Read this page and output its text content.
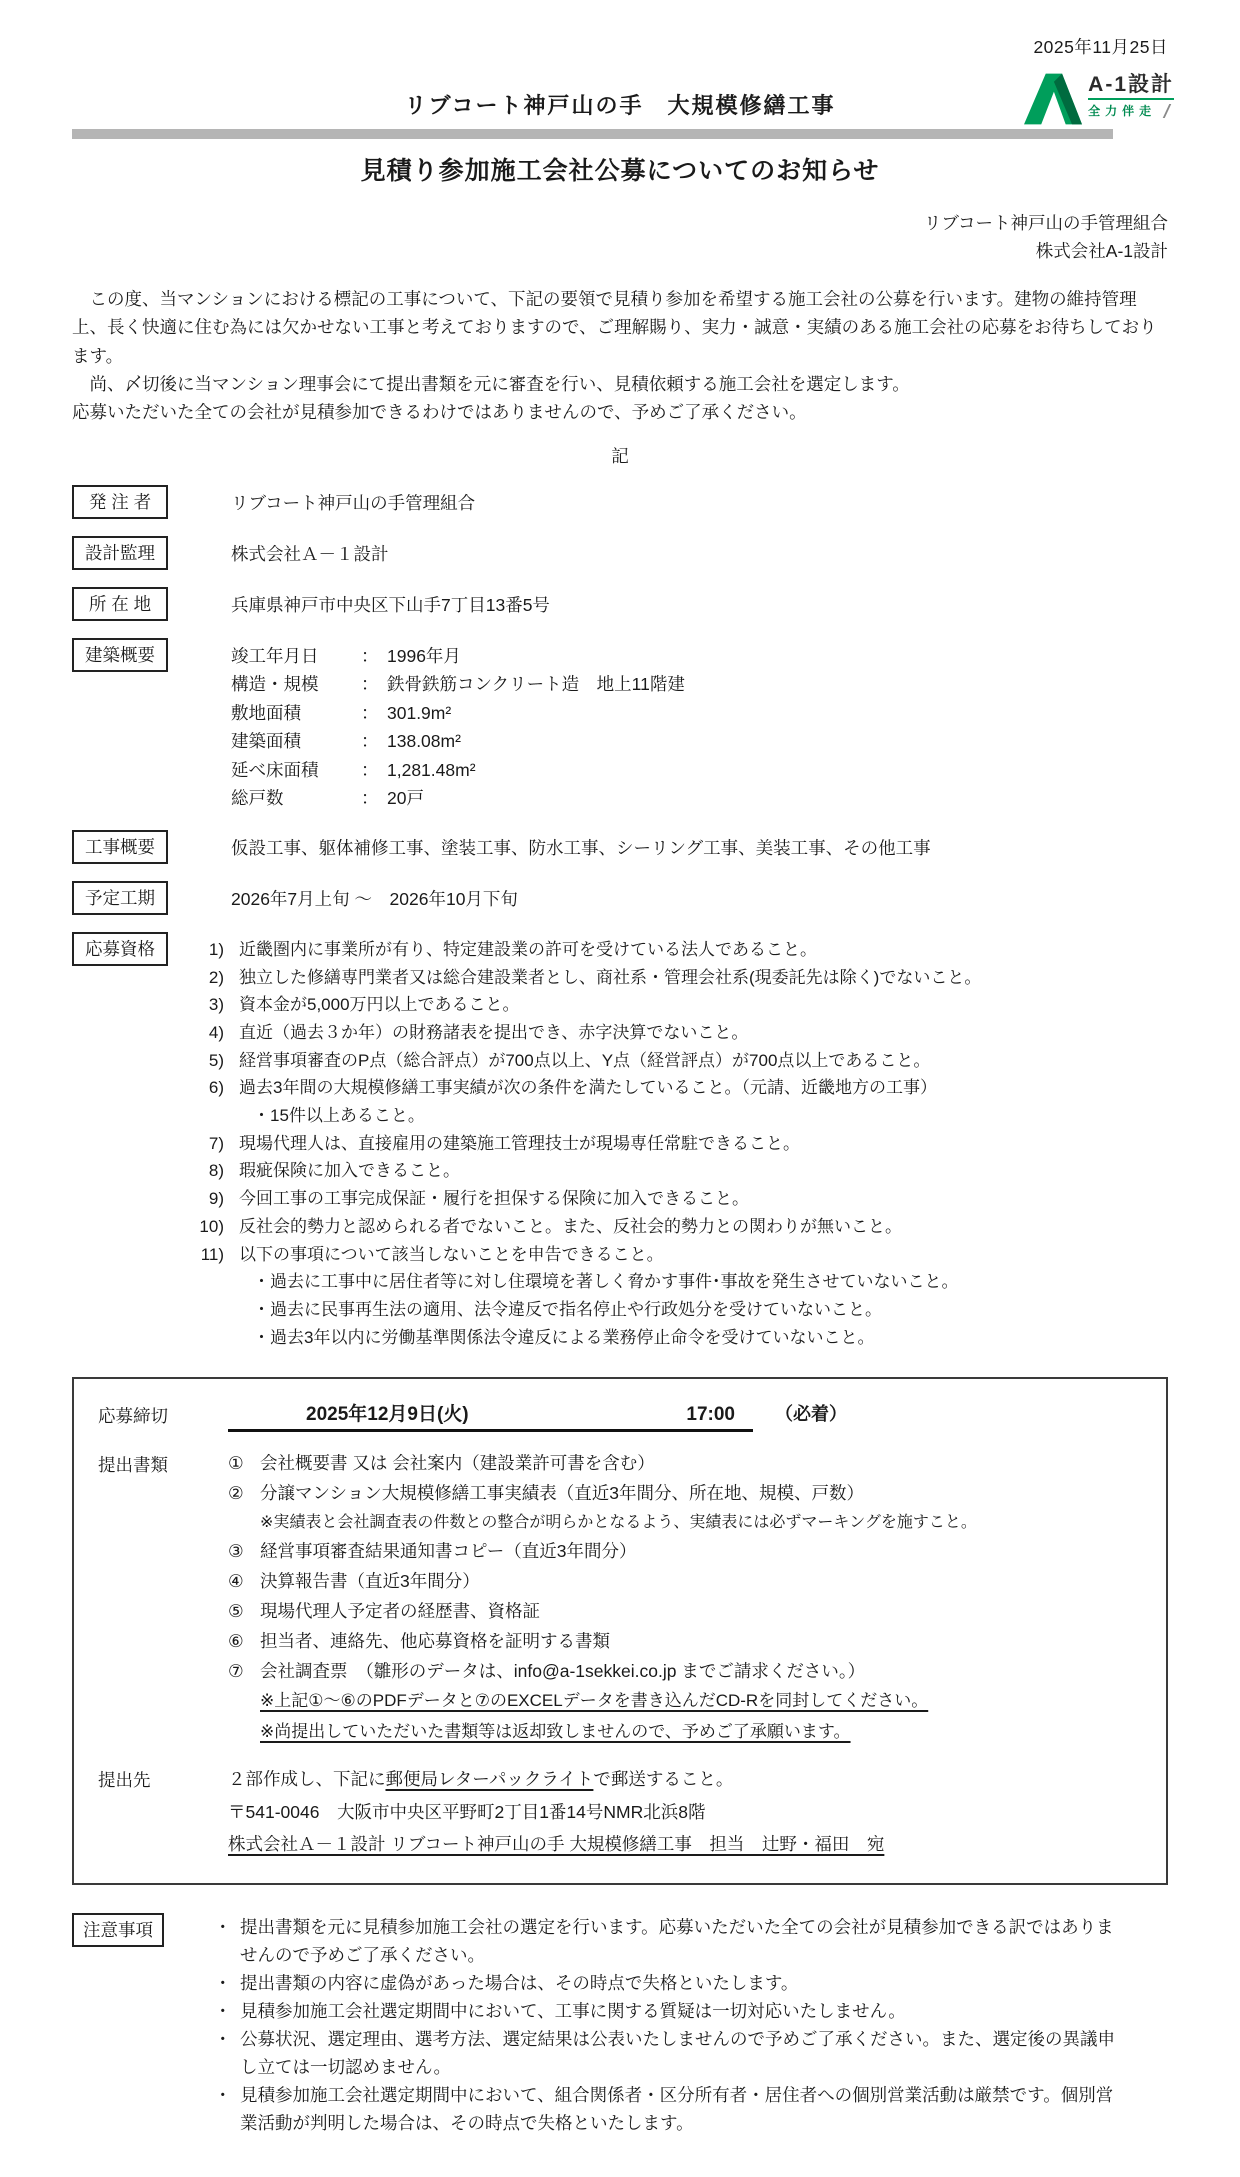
2025年11月25日
リブコート神戸山の手　大規模修繕工事
A-1設計
全力伴走
見積り参加施工会社公募についてのお知らせ
リブコート神戸山の手管理組合
株式会社A-1設計

　この度、当マンションにおける標記の工事について、下記の要領で見積り参加を希望する施工会社の公募を行います。建物の維持管理上、長く快適に住む為には欠かせない工事と考えておりますので、ご理解賜り、実力・誠意・実績のある施工会社の応募をお待ちしております。

　尚、〆切後に当マンション理事会にて提出書類を元に審査を行い、見積依頼する施工会社を選定します。

応募いただいた全ての会社が見積参加できるわけではありませんので、予めご了承ください。

記
発 注 者	リブコート神戸山の手管理組合
設計監理	株式会社Ａ－１設計
所 在 地	兵庫県神戸市中央区下山手7丁目13番5号
建築概要	竣工年月日	： 1996年月
構造・規模	： 鉄骨鉄筋コンクリート造　地上11階建
敷地面積	： 301.9m²
建築面積	： 138.08m²
延べ床面積	： 1,281.48m²
総戸数	： 20戸
工事概要	仮設工事、躯体補修工事、塗装工事、防水工事、シーリング工事、美装工事、その他工事
予定工期	2026年7月上旬 ～　2026年10月下旬
応募資格	1) 近畿圏内に事業所が有り、特定建設業の許可を受けている法人であること。
2) 独立した修繕専門業者又は総合建設業者とし、商社系・管理会社系(現委託先は除く)でないこと。
3) 資本金が5,000万円以上であること。
4) 直近（過去３か年）の財務諸表を提出でき、赤字決算でないこと。
5) 経営事項審査のP点（総合評点）が700点以上、Y点（経営評点）が700点以上であること。
6) 過去3年間の大規模修繕工事実績が次の条件を満たしていること。（元請、近畿地方の工事）
・15件以上あること。
7) 現場代理人は、直接雇用の建築施工管理技士が現場専任常駐できること。
8) 瑕疵保険に加入できること。
9) 今回工事の工事完成保証・履行を担保する保険に加入できること。
10) 反社会的勢力と認められる者でないこと。また、反社会的勢力との関わりが無いこと。
11) 以下の事項について該当しないことを申告できること。
・過去に工事中に居住者等に対し住環境を著しく脅かす事件･事故を発生させていないこと。
・過去に民事再生法の適用、法令違反で指名停止や行政処分を受けていないこと。
・過去3年以内に労働基準関係法令違反による業務停止命令を受けていないこと。
応募締切	2025年12月9日(火)	17:00 （必着）
提出書類	① 会社概要書 又は 会社案内（建設業許可書を含む）
② 分譲マンション大規模修繕工事実績表（直近3年間分、所在地、規模、戸数）
※実績表と会社調査表の件数との整合が明らかとなるよう、実績表には必ずマーキングを施すこと。
③ 経営事項審査結果通知書コピー（直近3年間分）
④ 決算報告書（直近3年間分）
⑤ 現場代理人予定者の経歴書、資格証
⑥ 担当者、連絡先、他応募資格を証明する書類
⑦ 会社調査票　（雛形のデータは、info@a-1sekkei.co.jp までご請求ください。）
※上記①～⑥のPDFデータと⑦のEXCELデータを書き込んだCD-Rを同封してください。
※尚提出していただいた書類等は返却致しませんので、予めご了承願います。
提出先	２部作成し、下記に郵便局レターパックライトで郵送すること。
〒541-0046　大阪市中央区平野町2丁目1番14号NMR北浜8階
株式会社Ａ－１設計 リブコート神戸山の手 大規模修繕工事　担当　辻野・福田　宛
注意事項	・ 提出書類を元に見積参加施工会社の選定を行います。応募いただいた全ての会社が見積参加できる訳ではありませんので予めご了承ください。
・ 提出書類の内容に虚偽があった場合は、その時点で失格といたします。
・ 見積参加施工会社選定期間中において、工事に関する質疑は一切対応いたしません。
・ 公募状況、選定理由、選考方法、選定結果は公表いたしませんので予めご了承ください。また、選定後の異議申し立ては一切認めません。
・ 見積参加施工会社選定期間中において、組合関係者・区分所有者・居住者への個別営業活動は厳禁です。個別営業活動が判明した場合は、その時点で失格といたします。
